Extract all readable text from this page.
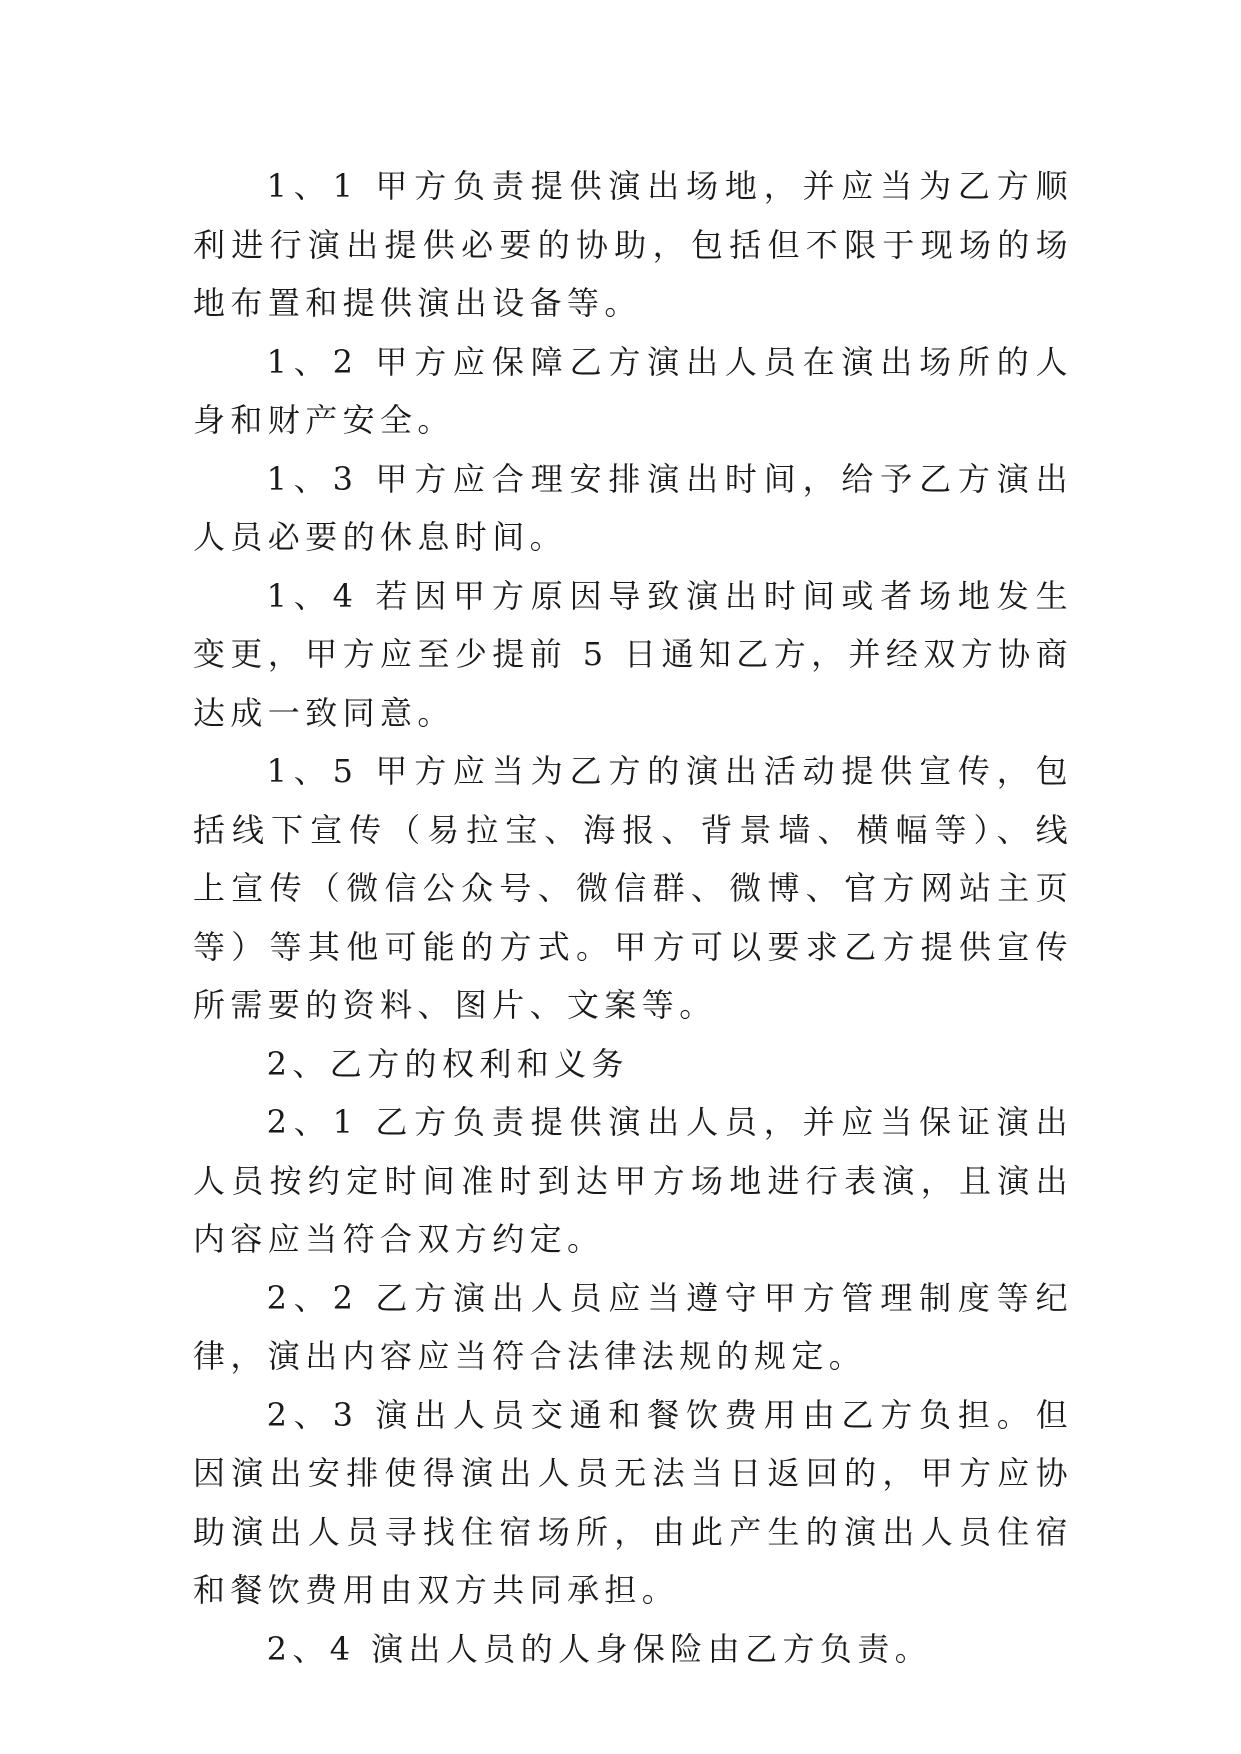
1、1 甲方负责提供演出场地，并应当为乙方顺利进行演出提供必要的协助，包括但不限于现场的场地布置和提供演出设备等。

1、2 甲方应保障乙方演出人员在演出场所的人身和财产安全。

1、3 甲方应合理安排演出时间，给予乙方演出人员必要的休息时间。

1、4 若因甲方原因导致演出时间或者场地发生变更，甲方应至少提前 5 日通知乙方，并经双方协商达成一致同意。

1、5 甲方应当为乙方的演出活动提供宣传，包括线下宣传（易拉宝、海报、背景墙、横幅等）、线上宣传（微信公众号、微信群、微博、官方网站主页等）等其他可能的方式。甲方可以要求乙方提供宣传所需要的资料、图片、文案等。

2、乙方的权利和义务

2、1 乙方负责提供演出人员，并应当保证演出人员按约定时间准时到达甲方场地进行表演，且演出内容应当符合双方约定。

2、2 乙方演出人员应当遵守甲方管理制度等纪律，演出内容应当符合法律法规的规定。

2、3 演出人员交通和餐饮费用由乙方负担。但因演出安排使得演出人员无法当日返回的，甲方应协助演出人员寻找住宿场所，由此产生的演出人员住宿和餐饮费用由双方共同承担。

2、4 演出人员的人身保险由乙方负责。
